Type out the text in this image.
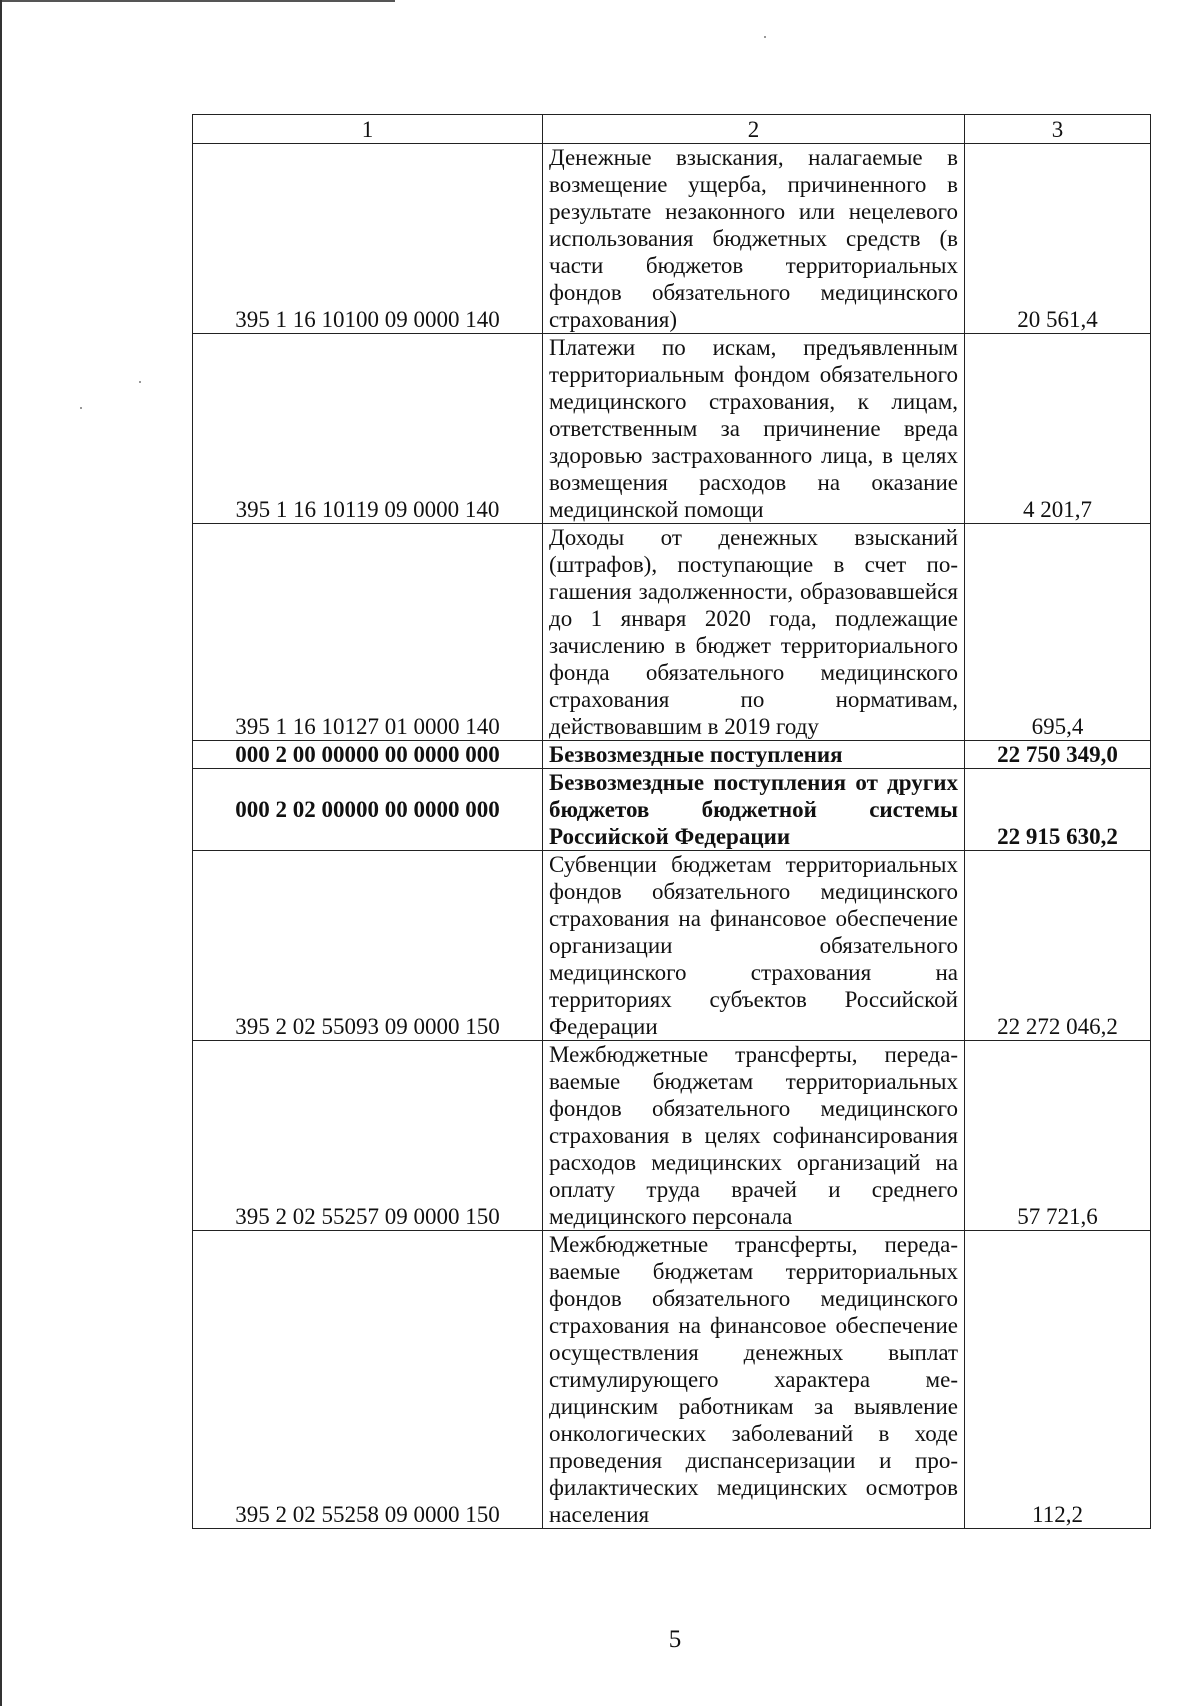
1	2	3
395 1 16 10100 09 0000 140	Денежные взыскания, налагаемые в возмещение ущерба, причиненного в результате незаконного или нецелевого использования бюджетных средств (в части бюджетов территориальных фондов обязательного медицинского страхования)	20 561,4
395 1 16 10119 09 0000 140	Платежи по искам, предъявленным территориальным фондом обязательного медицинского страхования, к лицам, ответственным за причинение вреда здоровью застрахованного лица, в целях возмещения расходов на оказание медицинской помощи	4 201,7
395 1 16 10127 01 0000 140	Доходы от денежных взысканий (штрафов), поступающие в счет погашения задолженности, образовавшейся до 1 января 2020 года, подлежащие зачислению в бюджет территориального фонда обязательного медицинского страхования по нормативам, действовавшим в 2019 году	695,4
000 2 00 00000 00 0000 000	Безвозмездные поступления	22 750 349,0
000 2 02 00000 00 0000 000	Безвозмездные поступления от других бюджетов бюджетной системы Российской Федерации	22 915 630,2
395 2 02 55093 09 0000 150	Субвенции бюджетам территориальных фондов обязательного медицинского страхования на финансовое обеспечение организации обязательного медицинского страхования на территориях субъектов Российской Федерации	22 272 046,2
395 2 02 55257 09 0000 150	Межбюджетные трансферты, передаваемые бюджетам территориальных фондов обязательного медицинского страхования в целях софинансирования расходов медицинских организаций на оплату труда врачей и среднего медицинского персонала	57 721,6
395 2 02 55258 09 0000 150	Межбюджетные трансферты, передаваемые бюджетам территориальных фондов обязательного медицинского страхования на финансовое обеспечение осуществления денежных выплат стимулирующего характера медицинским работникам за выявление онкологических заболеваний в ходе проведения диспансеризации и профилактических медицинских осмотров населения	112,2
5
